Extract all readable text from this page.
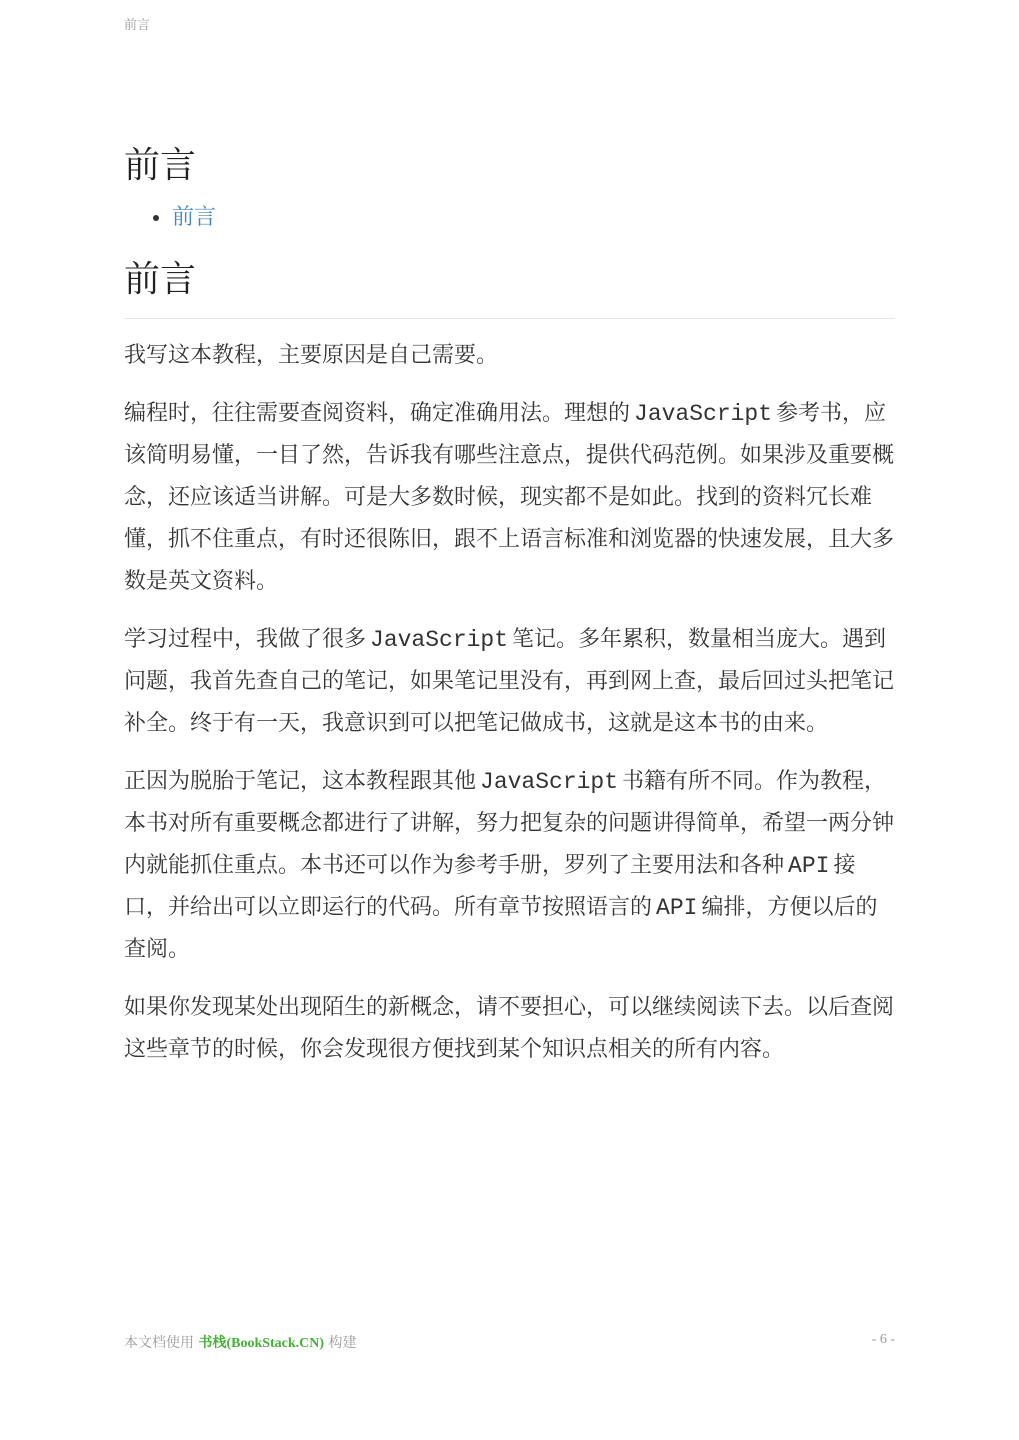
前言
前言
• 前言
前言

我写这本教程，主要原因是自己需要。

编程时，往往需要查阅资料，确定准确用法。理想的 JavaScript 参考书，应该简明易懂，一目了然，告诉我有哪些注意点，提供代码范例。如果涉及重要概念，还应该适当讲解。可是大多数时候，现实都不是如此。找到的资料冗长难懂，抓不住重点，有时还很陈旧，跟不上语言标准和浏览器的快速发展，且大多数是英文资料。

学习过程中，我做了很多 JavaScript 笔记。多年累积，数量相当庞大。遇到问题，我首先查自己的笔记，如果笔记里没有，再到网上查，最后回过头把笔记补全。终于有一天，我意识到可以把笔记做成书，这就是这本书的由来。

正因为脱胎于笔记，这本教程跟其他 JavaScript 书籍有所不同。作为教程，本书对所有重要概念都进行了讲解，努力把复杂的问题讲得简单，希望一两分钟内就能抓住重点。本书还可以作为参考手册，罗列了主要用法和各种 API 接口，并给出可以立即运行的代码。所有章节按照语言的 API 编排，方便以后的查阅。

如果你发现某处出现陌生的新概念，请不要担心，可以继续阅读下去。以后查阅这些章节的时候，你会发现很方便找到某个知识点相关的所有内容。

本文档使用 书栈(BookStack.CN) 构建	- 6 -
